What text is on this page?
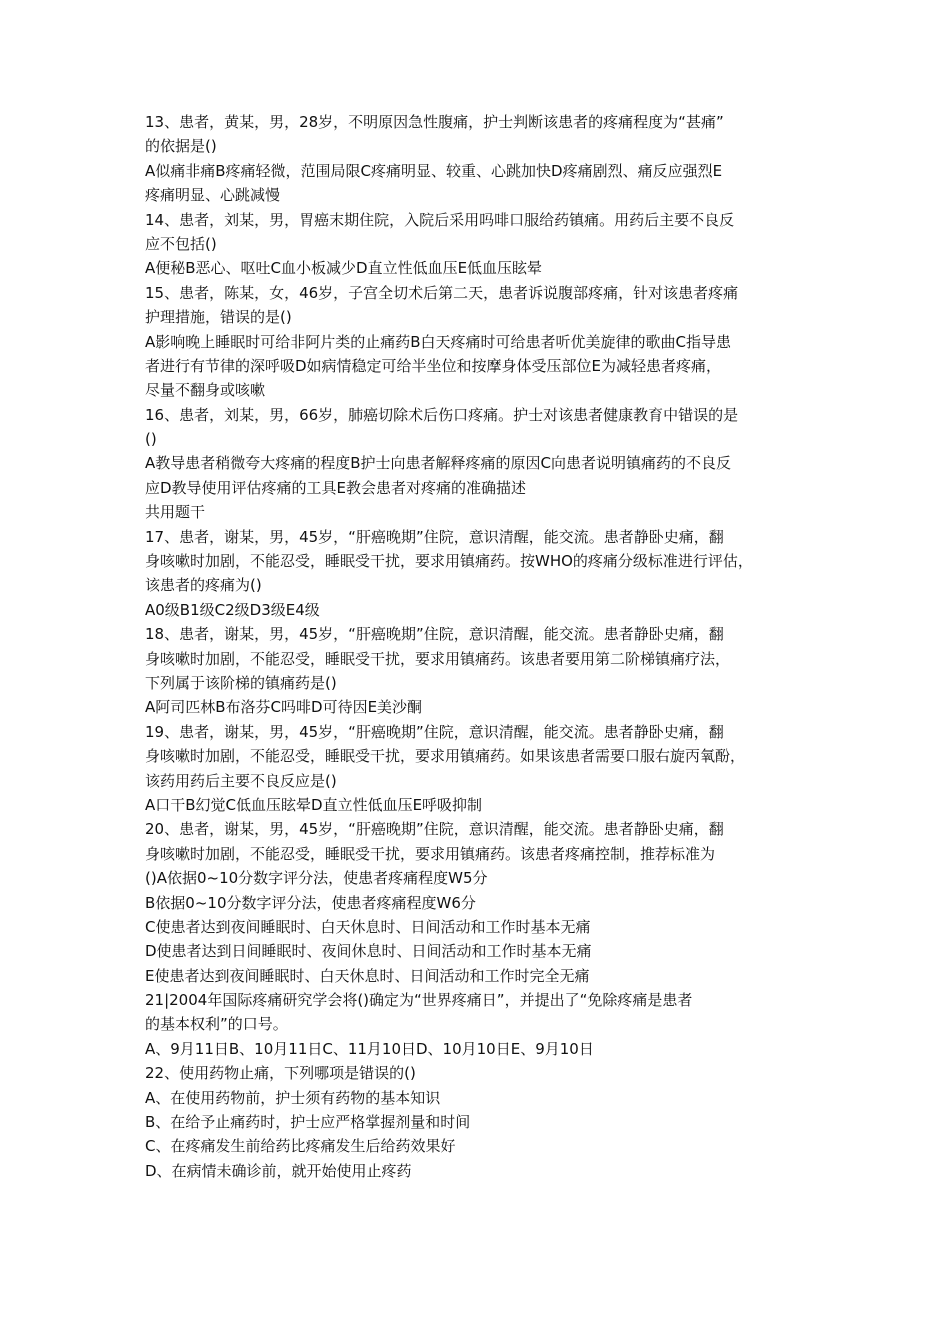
13、患者，黄某，男，28岁，不明原因急性腹痛，护士判断该患者的疼痛程度为“甚痛”
的依据是()
A似痛非痛B疼痛轻微，范围局限C疼痛明显、较重、心跳加快D疼痛剧烈、痛反应强烈E
疼痛明显、心跳减慢
14、患者，刘某，男，胃癌末期住院，入院后采用吗啡口服给药镇痛。用药后主要不良反
应不包括()
A便秘B恶心、呕吐C血小板减少D直立性低血压E低血压眩晕
15、患者，陈某，女，46岁，子宫全切术后第二天，患者诉说腹部疼痛，针对该患者疼痛
护理措施，错误的是()
A影响晚上睡眠时可给非阿片类的止痛药B白天疼痛时可给患者听优美旋律的歌曲C指导患
者进行有节律的深呼吸D如病情稳定可给半坐位和按摩身体受压部位E为减轻患者疼痛，
尽量不翻身或咳嗽
16、患者，刘某，男，66岁，肺癌切除术后伤口疼痛。护士对该患者健康教育中错误的是
()
A教导患者稍微夸大疼痛的程度B护士向患者解释疼痛的原因C向患者说明镇痛药的不良反
应D教导使用评估疼痛的工具E教会患者对疼痛的准确描述
共用题干
17、患者，谢某，男，45岁，“肝癌晚期”住院，意识清醒，能交流。患者静卧史痛，翻
身咳嗽时加剧，不能忍受，睡眠受干扰，要求用镇痛药。按WHO的疼痛分级标准进行评估，
该患者的疼痛为()
A0级B1级C2级D3级E4级
18、患者，谢某，男，45岁，“肝癌晚期”住院，意识清醒，能交流。患者静卧史痛，翻
身咳嗽时加剧，不能忍受，睡眠受干扰，要求用镇痛药。该患者要用第二阶梯镇痛疗法，
下列属于该阶梯的镇痛药是()
A阿司匹林B布洛芬C吗啡D可待因E美沙酮
19、患者，谢某，男，45岁，“肝癌晚期”住院，意识清醒，能交流。患者静卧史痛，翻
身咳嗽时加剧，不能忍受，睡眠受干扰，要求用镇痛药。如果该患者需要口服右旋丙氧酚，
该药用药后主要不良反应是()
A口干B幻觉C低血压眩晕D直立性低血压E呼吸抑制
20、患者，谢某，男，45岁，“肝癌晚期”住院，意识清醒，能交流。患者静卧史痛，翻
身咳嗽时加剧，不能忍受，睡眠受干扰，要求用镇痛药。该患者疼痛控制，推荐标准为
()A依据0~10分数字评分法，使患者疼痛程度W5分
B依据0~10分数字评分法，使患者疼痛程度W6分
C使患者达到夜间睡眠时、白天休息时、日间活动和工作时基本无痛
D使患者达到日间睡眠时、夜间休息时、日间活动和工作时基本无痛
E使患者达到夜间睡眠时、白天休息时、日间活动和工作时完全无痛
21|2004年国际疼痛研究学会将()确定为“世界疼痛日”，并提出了“免除疼痛是患者
的基本权利”的口号。
A、9月11日B、10月11日C、11月10日D、10月10日E、9月10日
22、使用药物止痛，下列哪项是错误的()
A、在使用药物前，护士须有药物的基本知识
B、在给予止痛药时，护士应严格掌握剂量和时间
C、在疼痛发生前给药比疼痛发生后给药效果好
D、在病情未确诊前，就开始使用止疼药
